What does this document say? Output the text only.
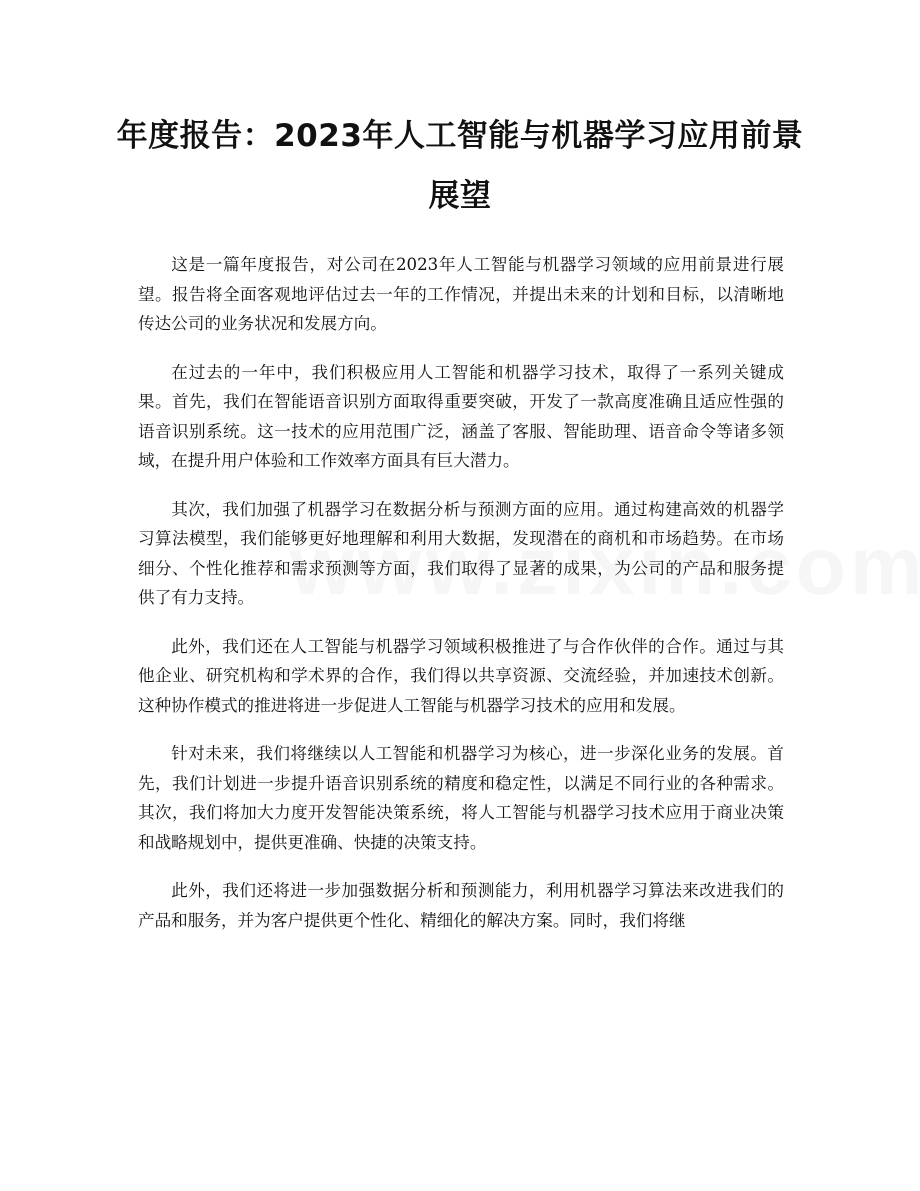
年度报告：2023年人工智能与机器学习应用前景展望

这是一篇年度报告，对公司在2023年人工智能与机器学习领域的应用前景进行展望。报告将全面客观地评估过去一年的工作情况，并提出未来的计划和目标，以清晰地传达公司的业务状况和发展方向。

在过去的一年中，我们积极应用人工智能和机器学习技术，取得了一系列关键成果。首先，我们在智能语音识别方面取得重要突破，开发了一款高度准确且适应性强的语音识别系统。这一技术的应用范围广泛，涵盖了客服、智能助理、语音命令等诸多领域，在提升用户体验和工作效率方面具有巨大潜力。

其次，我们加强了机器学习在数据分析与预测方面的应用。通过构建高效的机器学习算法模型，我们能够更好地理解和利用大数据，发现潜在的商机和市场趋势。在市场细分、个性化推荐和需求预测等方面，我们取得了显著的成果，为公司的产品和服务提供了有力支持。

此外，我们还在人工智能与机器学习领域积极推进了与合作伙伴的合作。通过与其他企业、研究机构和学术界的合作，我们得以共享资源、交流经验，并加速技术创新。这种协作模式的推进将进一步促进人工智能与机器学习技术的应用和发展。

针对未来，我们将继续以人工智能和机器学习为核心，进一步深化业务的发展。首先，我们计划进一步提升语音识别系统的精度和稳定性，以满足不同行业的各种需求。其次，我们将加大力度开发智能决策系统，将人工智能与机器学习技术应用于商业决策和战略规划中，提供更准确、快捷的决策支持。

此外，我们还将进一步加强数据分析和预测能力，利用机器学习算法来改进我们的产品和服务，并为客户提供更个性化、精细化的解决方案。同时，我们将继
